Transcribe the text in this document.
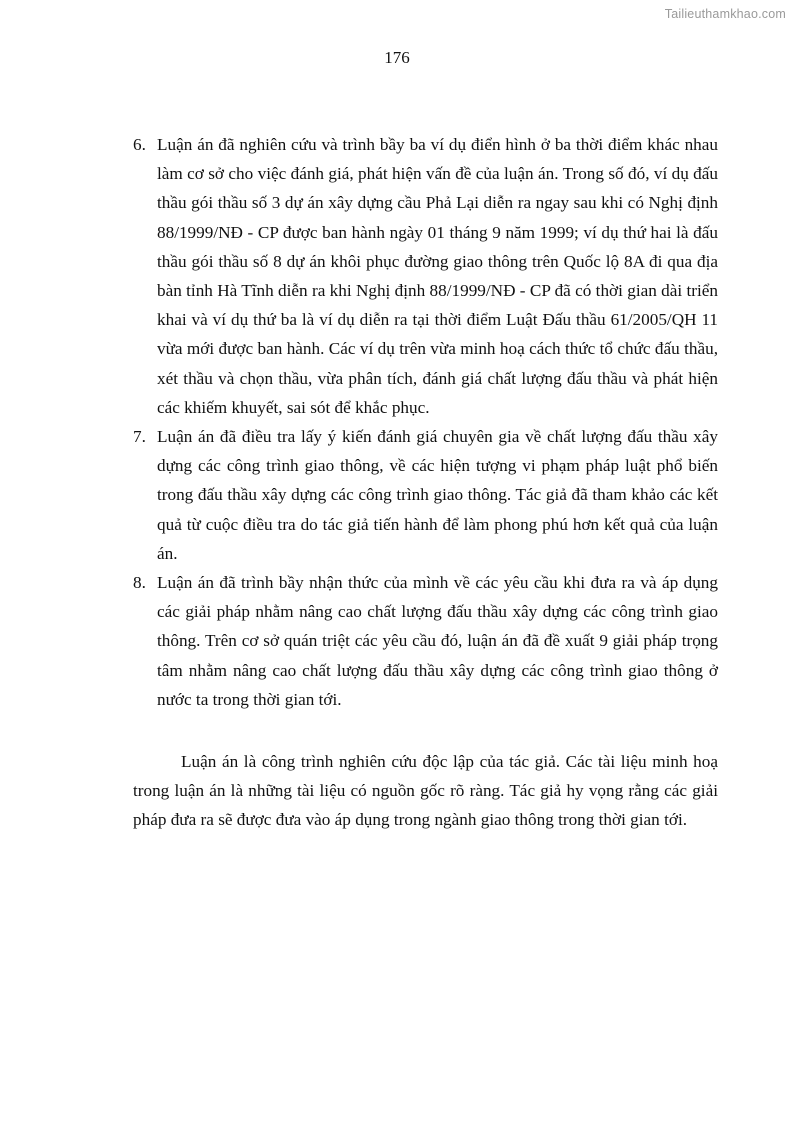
Tailieuthamkhao.com
176
6. Luận án đã nghiên cứu và trình bầy ba ví dụ điển hình ở ba thời điểm khác nhau làm cơ sở cho việc đánh giá, phát hiện vấn đề của luận án. Trong số đó, ví dụ đấu thầu gói thầu số 3 dự án xây dựng cầu Phả Lại diễn ra ngay sau khi có Nghị định 88/1999/NĐ - CP được ban hành ngày 01 tháng 9 năm 1999; ví dụ thứ hai là đấu thầu gói thầu số 8 dự án khôi phục đường giao thông trên Quốc lộ 8A đi qua địa bàn tỉnh Hà Tĩnh diễn ra khi Nghị định 88/1999/NĐ - CP đã có thời gian dài triển khai và ví dụ thứ ba là ví dụ diễn ra tại thời điểm Luật Đấu thầu 61/2005/QH 11 vừa mới được ban hành. Các ví dụ trên vừa minh hoạ cách thức tổ chức đấu thầu, xét thầu và chọn thầu, vừa phân tích, đánh giá chất lượng đấu thầu và phát hiện các khiếm khuyết, sai sót để khắc phục.
7. Luận án đã điều tra lấy ý kiến đánh giá chuyên gia về chất lượng đấu thầu xây dựng các công trình giao thông, về các hiện tượng vi phạm pháp luật phổ biến trong đấu thầu xây dựng các công trình giao thông. Tác giả đã tham khảo các kết quả từ cuộc điều tra do tác giả tiến hành để làm phong phú hơn kết quả của luận án.
8. Luận án đã trình bầy nhận thức của mình về các yêu cầu khi đưa ra và áp dụng các giải pháp nhằm nâng cao chất lượng đấu thầu xây dựng các công trình giao thông. Trên cơ sở quán triệt các yêu cầu đó, luận án đã đề xuất 9 giải pháp trọng tâm nhằm nâng cao chất lượng đấu thầu xây dựng các công trình giao thông ở nước ta trong thời gian tới.

Luận án là công trình nghiên cứu độc lập của tác giả. Các tài liệu minh hoạ trong luận án là những tài liệu có nguồn gốc rõ ràng. Tác giả hy vọng rằng các giải pháp đưa ra sẽ được đưa vào áp dụng trong ngành giao thông trong thời gian tới.
